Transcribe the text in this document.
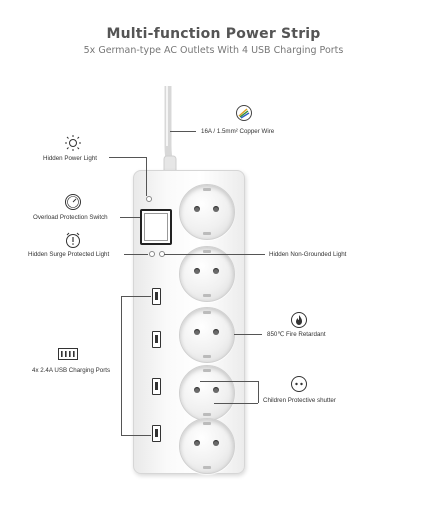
Multi-function Power Strip
5x German-type AC Outlets With 4 USB Charging Ports
16A / 1.5mm² Copper Wire
Hidden Power Light
Overload Protection Switch
Hidden Surge Protected Light	Hidden Non-Grounded Light
850℃ Fire Retardant
4x 2.4A USB Charging Ports
Children Protective shutter
